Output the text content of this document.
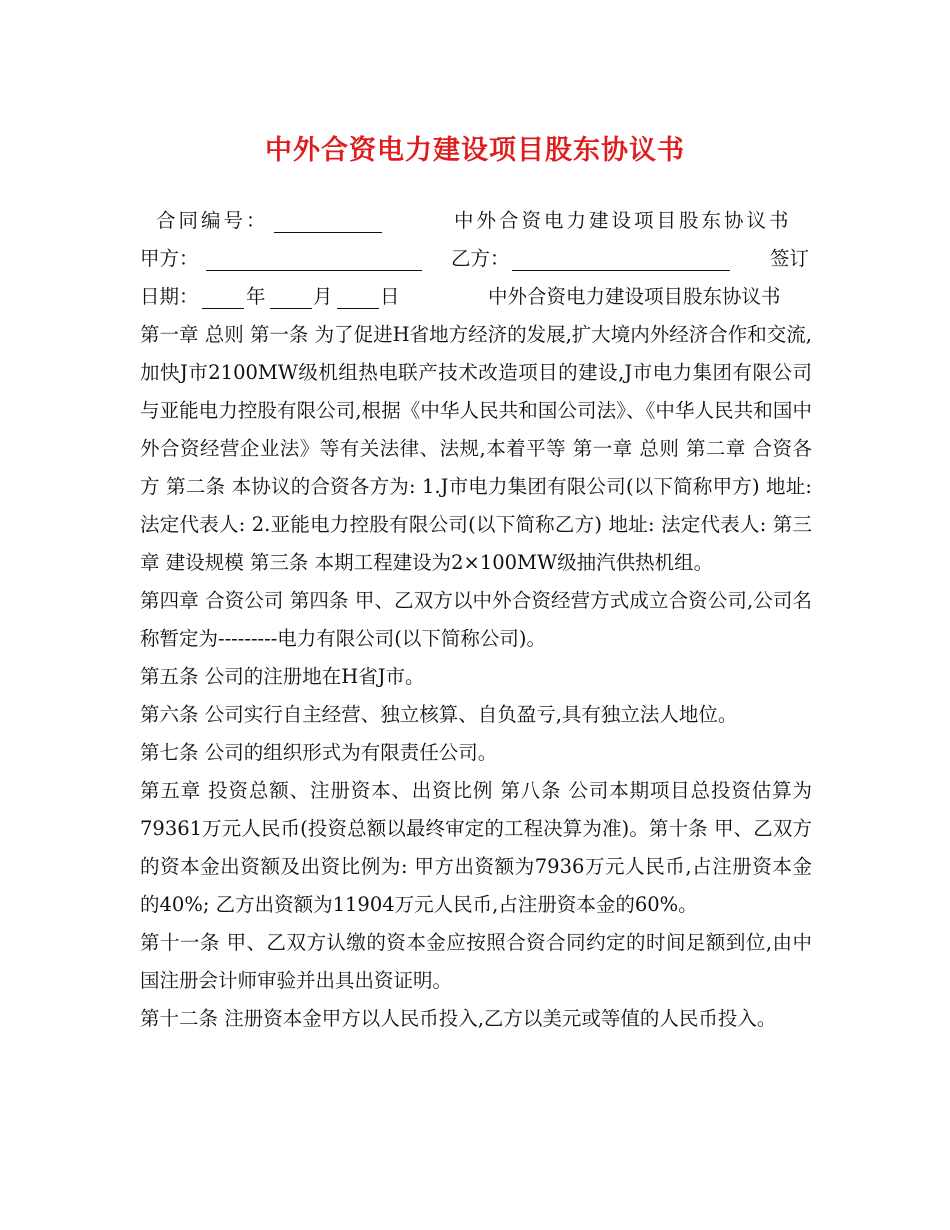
中外合资电力建设项目股东协议书
合同编号：	中外合资电力建设项目股东协议书
甲方：	乙方：	签订
日期： 年 月 日	中外合资电力建设项目股东协议书

第一章 总则 第一条 为了促进H省地方经济的发展,扩大境内外经济合作和交流,加快J市2100MW级机组热电联产技术改造项目的建设,J市电力集团有限公司与亚能电力控股有限公司,根据《中华人民共和国公司法》、《中华人民共和国中外合资经营企业法》等有关法律、法规,本着平等 第一章 总则 第二章 合资各方 第二条 本协议的合资各方为: 1.J市电力集团有限公司(以下简称甲方) 地址: 法定代表人: 2.亚能电力控股有限公司(以下简称乙方) 地址: 法定代表人: 第三章 建设规模 第三条 本期工程建设为2×100MW级抽汽供热机组。

第四章 合资公司 第四条 甲、乙双方以中外合资经营方式成立合资公司,公司名称暂定为---------电力有限公司(以下简称公司)。

第五条 公司的注册地在H省J市。

第六条 公司实行自主经营、独立核算、自负盈亏,具有独立法人地位。

第七条 公司的组织形式为有限责任公司。

第五章 投资总额、注册资本、出资比例 第八条 公司本期项目总投资估算为79361万元人民币(投资总额以最终审定的工程决算为准)。第十条 甲、乙双方的资本金出资额及出资比例为: 甲方出资额为7936万元人民币,占注册资本金的40%; 乙方出资额为11904万元人民币,占注册资本金的60%。

第十一条 甲、乙双方认缴的资本金应按照合资合同约定的时间足额到位,由中国注册会计师审验并出具出资证明。

第十二条 注册资本金甲方以人民币投入,乙方以美元或等值的人民币投入。
